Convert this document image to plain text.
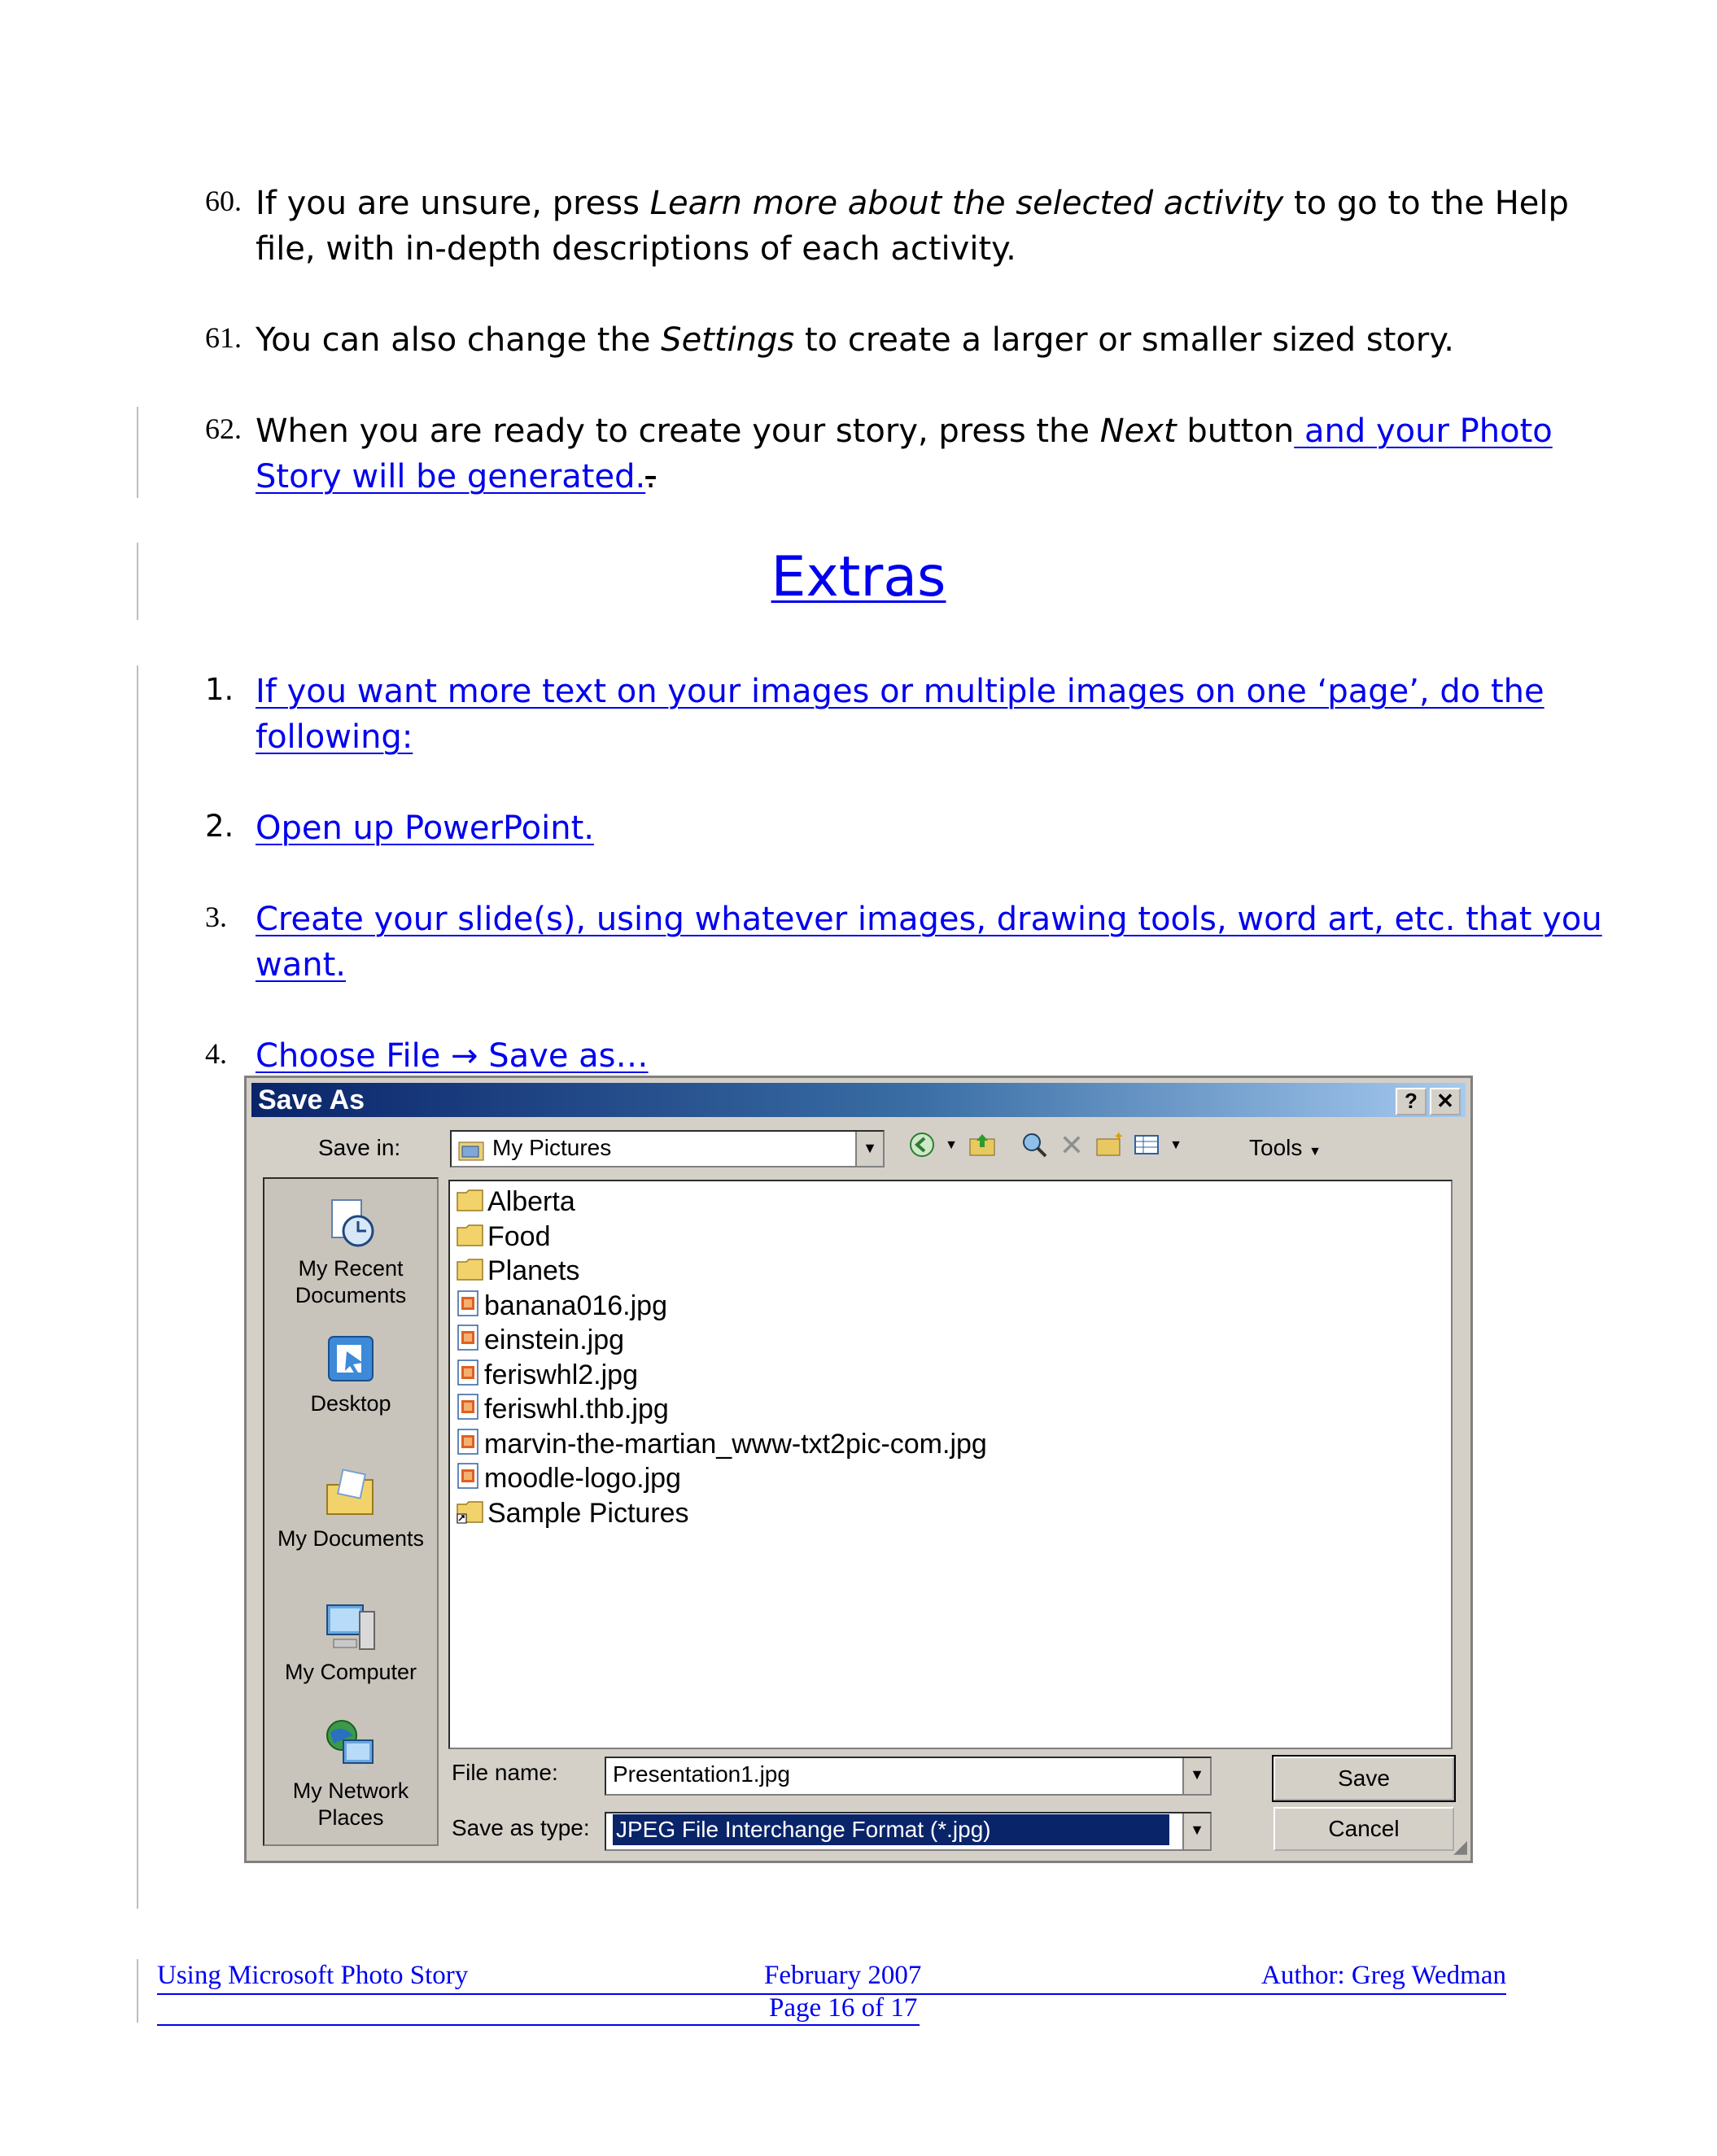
60. If you are unsure, press Learn more about the selected activity to go to the Help
file, with in-depth descriptions of each activity.
61. You can also change the Settings to create a larger or smaller sized story.
62. When you are ready to create your story, press the Next button and your Photo
Story will be generated..
Extras
1. If you want more text on your images or multiple images on one ‘page’, do the
following:
2. Open up PowerPoint.
3. Create your slide(s), using whatever images, drawing tools, word art, etc. that you
want.
4. Choose File → Save as…
Save As	? ✕
Save in:	My Pictures	▼	▼	✕ ✦
▼	Tools ▼
My Recent Documents
Desktop
My Documents
My Computer
My Network Places
Alberta
Food
Planets
banana016.jpg
einstein.jpg
feriswhl2.jpg
feriswhl.thb.jpg
marvin-the-martian_www-txt2pic-com.jpg
moodle-logo.jpg
Sample Pictures
File name:	Presentation1.jpg	▼
Save as type:	JPEG File Interchange Format (*.jpg)	▼
Save
Cancel
◢
Using Microsoft Photo Story	February 2007	Author: Greg Wedman
Page 16 of 17
